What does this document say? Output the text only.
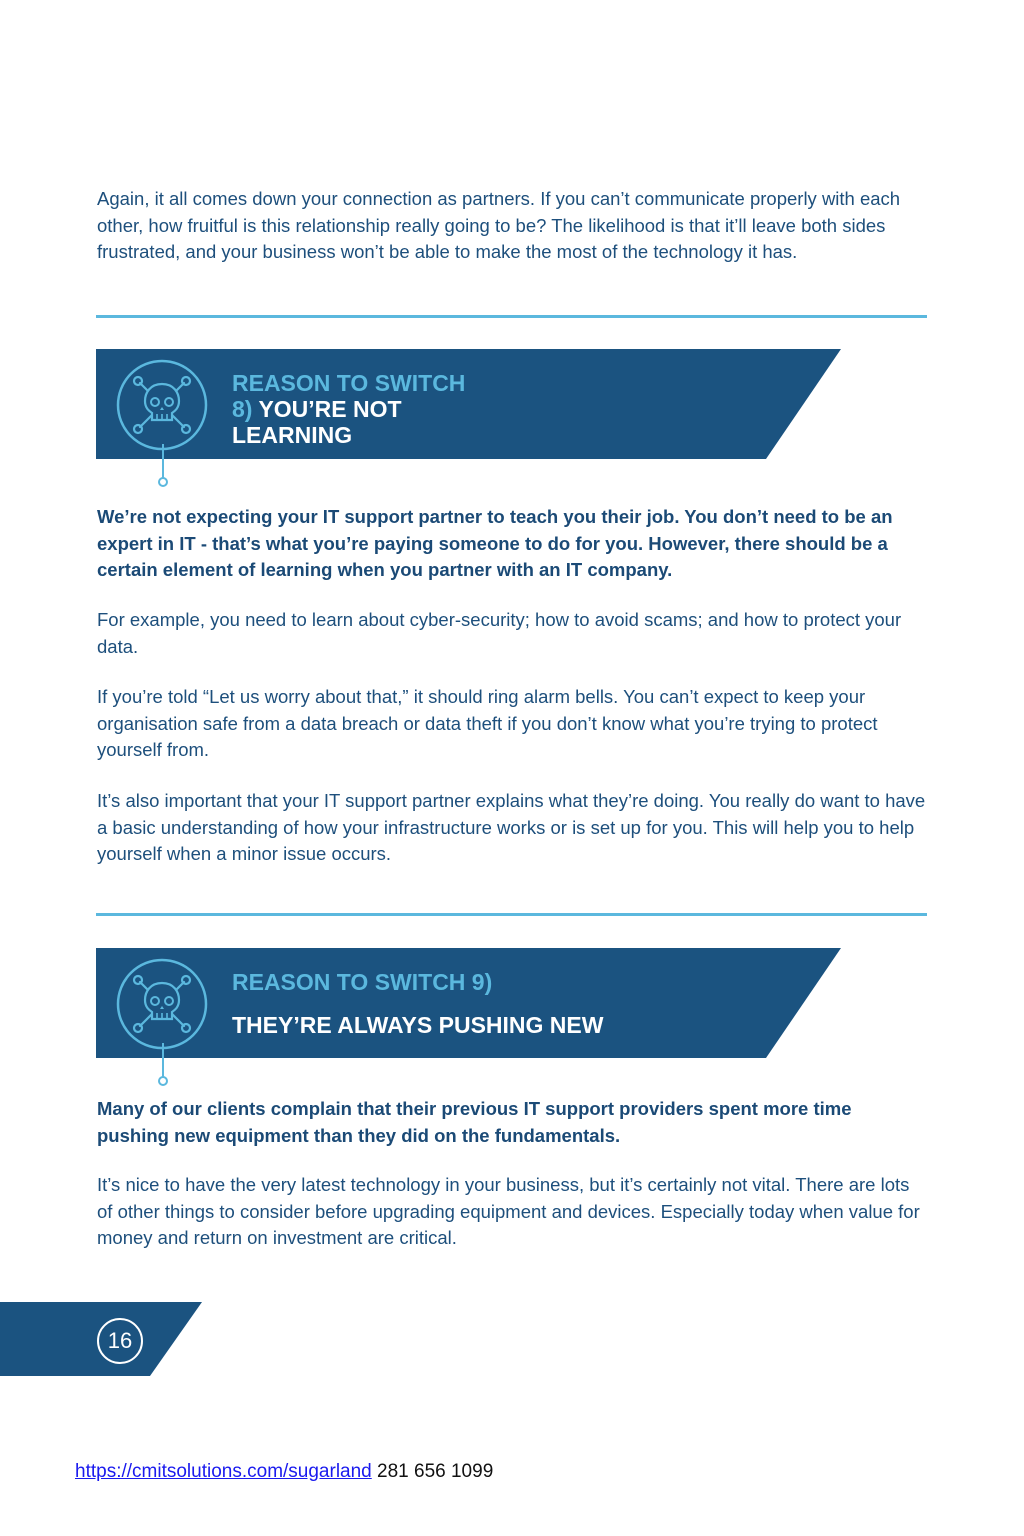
Again, it all comes down your connection as partners. If you can’t communicate properly with each other, how fruitful is this relationship really going to be? The likelihood is that it’ll leave both sides frustrated, and your business won’t be able to make the most of the technology it has.

REASON TO SWITCH
8) YOU’RE NOT
LEARNING

We’re not expecting your IT support partner to teach you their job. You don’t need to be an expert in IT - that’s what you’re paying someone to do for you. However, there should be a certain element of learning when you partner with an IT company.

For example, you need to learn about cyber-security; how to avoid scams; and how to protect your data.

If you’re told “Let us worry about that,” it should ring alarm bells. You can’t expect to keep your organisation safe from a data breach or data theft if you don’t know what you’re trying to protect yourself from.

It’s also important that your IT support partner explains what they’re doing. You really do want to have a basic understanding of how your infrastructure works or is set up for you. This will help you to help yourself when a minor issue occurs.

REASON TO SWITCH 9)

THEY’RE ALWAYS PUSHING NEW

Many of our clients complain that their previous IT support providers spent more time pushing new equipment than they did on the fundamentals.

It’s nice to have the very latest technology in your business, but it’s certainly not vital. There are lots of other things to consider before upgrading equipment and devices. Especially today when value for money and return on investment are critical.

16

https://cmitsolutions.com/sugarland 281 656 1099
